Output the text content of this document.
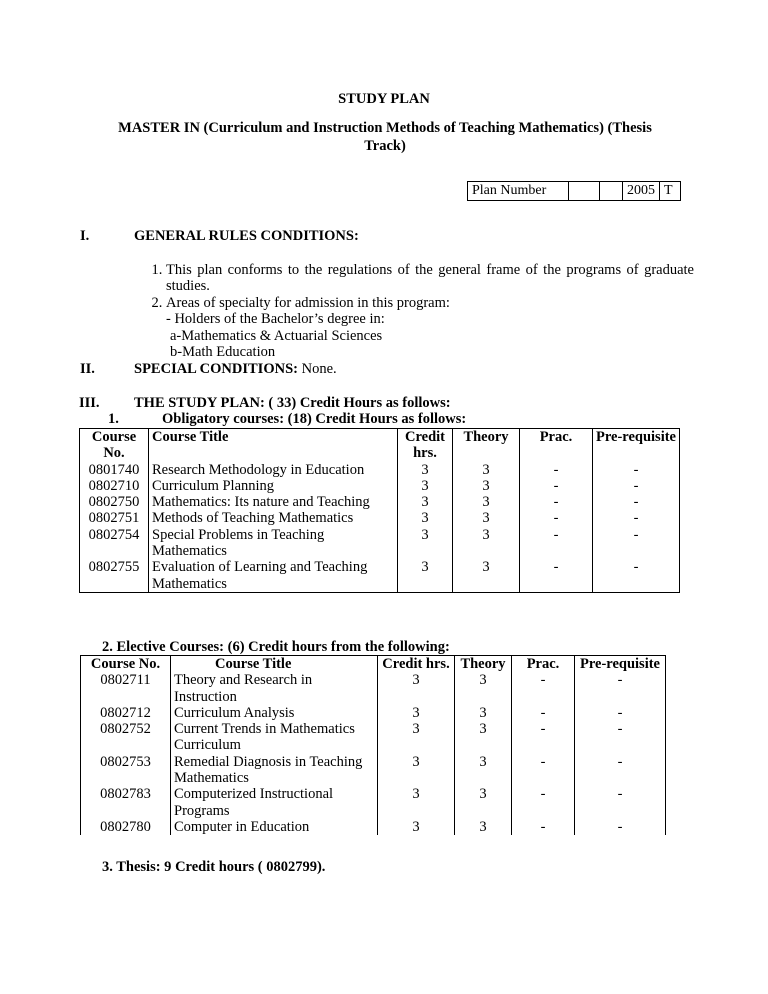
STUDY PLAN
MASTER IN (Curriculum and Instruction Methods of Teaching Mathematics) (Thesis Track)
Plan Number			2005	T
I.	GENERAL RULES CONDITIONS:
1. This plan conforms to the regulations of the general frame of the programs of graduate studies.
2. Areas of specialty for admission in this program:
- Holders of the Bachelor’s degree in:
a-Mathematics & Actuarial Sciences
b-Math Education
II.	SPECIAL CONDITIONS: None.
III. THE STUDY PLAN: ( 33) Credit Hours as follows:
1.	Obligatory courses: (18) Credit Hours as follows:
Course No.	Course Title	Credit hrs.	Theory	Prac.	Pre-requisite
0801740	Research Methodology in Education	3	3	-	-
0802710	Curriculum Planning	3	3	-	-
0802750	Mathematics: Its nature and Teaching	3	3	-	-
0802751	Methods of Teaching Mathematics	3	3	-	-
0802754	Special Problems in Teaching Mathematics	3	3	-	-
0802755	Evaluation of Learning and Teaching Mathematics	3	3	-	-
2. Elective Courses: (6) Credit hours from the following:
Course No.	Course Title	Credit hrs.	Theory	Prac.	Pre-requisite
0802711	Theory and Research in Instruction	3	3	-	-
0802712	Curriculum Analysis	3	3	-	-
0802752	Current Trends in Mathematics Curriculum	3	3	-	-
0802753	Remedial Diagnosis in Teaching Mathematics	3	3	-	-
0802783	Computerized Instructional Programs	3	3	-	-
0802780	Computer in Education	3	3	-	-
3. Thesis: 9 Credit hours ( 0802799).
